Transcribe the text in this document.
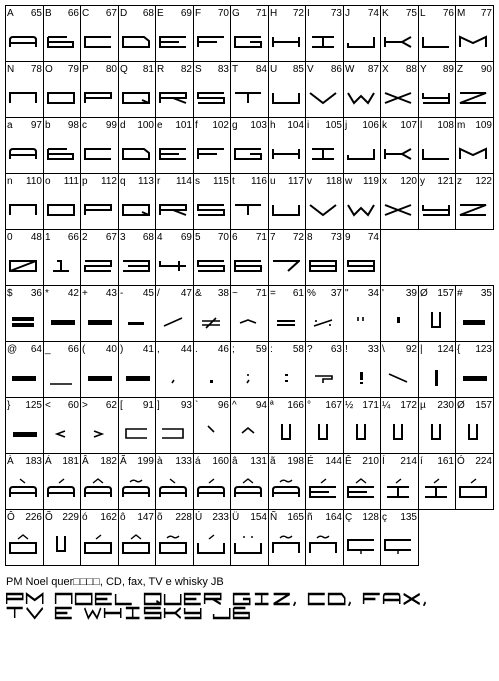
A 65 B 66 C 67 D 68 E 69 F 70 G 71 H 72 I 73 J 74 K 75 L 76 M 77
N 78 O 79 P 80 Q 81 R 82 S 83 T 84 U 85 V 86 W 87 X 88 Y 89 Z 90
a 97 b 98 c 99 d 100 e 101 f 102 g 103 h 104 i 105 j 106 k 107 l 108 m 109
n 110 o 111 p 112 q 113 r 114 s 115 t 116 u 117 v 118 w 119 x 120 y 121 z 122
0 48 1 66 2 67 3 68 4 69 5 70 6 71 7 72 8 73 9 74
$ 36 * 42 + 43 - 45 / 47 & 38 ~ 71 = 61 % 37 " 34 ' 39 Ø 157 # 35
@ 64 _ 66 ( 40 ) 41 , 44 . 46 ; 59 : 58 ? 63 ! 33 \ 92 | 124 { 123
} 125 < 60 > 62 [ 91 ] 93 ` 96 ^ 94 ª 166 ° 167 ½ 171 ¼ 172 µ 230 Ø 157
À 183 Á 181 Â 182 Ã 199 à 133 á 160 â 131 ã 198 É 144 Ê 210 Í 214 í 161 Ó 224
Ô 226 Õ 229 ó 162 ô 147 õ 228 Ú 233 Ü 154 Ñ 165 ñ 164 Ç 128 ç 135
PM Noel quer□□□□, CD, fax, TV e whisky JB
